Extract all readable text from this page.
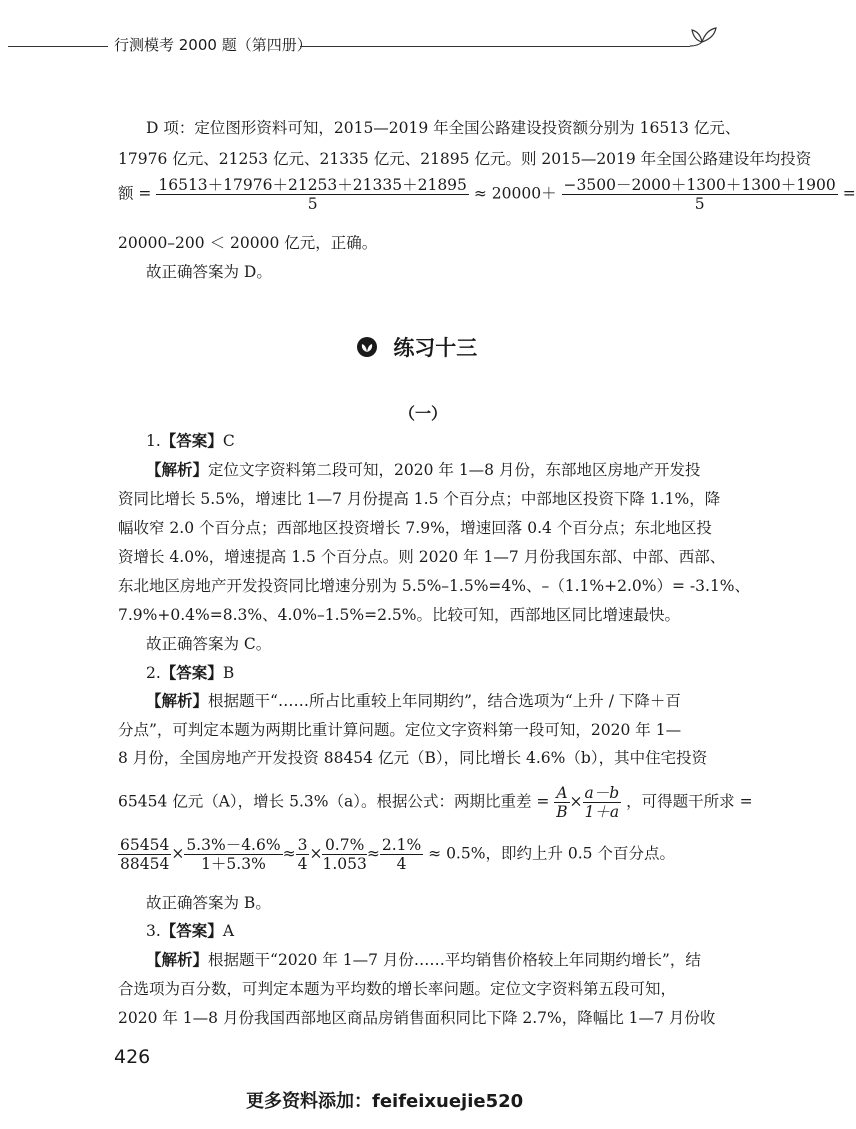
行测模考 2000 题（第四册）
D 项：定位图形资料可知，2015—2019 年全国公路建设投资额分别为 16513 亿元、
17976 亿元、21253 亿元、21335 亿元、21895 亿元。则 2015—2019 年全国公路建设年均投资
额 = $\frac{16513+17976+21253+21335+21895}{5} \approx 20000+ \frac{-3500-2000+1300+1300+1900}{5}$ =
20000–200 ＜ 20000 亿元，正确。
故正确答案为 D。
练习十三
（一）
1.【答案】C
【解析】定位文字资料第二段可知，2020 年 1—8 月份，东部地区房地产开发投
资同比增长 5.5%，增速比 1—7 月份提高 1.5 个百分点；中部地区投资下降 1.1%，降
幅收窄 2.0 个百分点；西部地区投资增长 7.9%，增速回落 0.4 个百分点；东北地区投
资增长 4.0%，增速提高 1.5 个百分点。则 2020 年 1—7 月份我国东部、中部、西部、
东北地区房地产开发投资同比增速分别为 5.5%–1.5%=4%、–（1.1%+2.0%）= -3.1%、
7.9%+0.4%=8.3%、4.0%–1.5%=2.5%。比较可知，西部地区同比增速最快。
故正确答案为 C。
2.【答案】B
【解析】根据题干“……所占比重较上年同期约”，结合选项为“上升 / 下降＋百
分点”，可判定本题为两期比重计算问题。定位文字资料第一段可知，2020 年 1—
8 月份，全国房地产开发投资 88454 亿元（B），同比增长 4.6%（b），其中住宅投资
65454 亿元（A），增长 5.3%（a）。根据公式：两期比重差 = $\frac{A}{B} \times \frac{a-b}{1+a}$ ，可得题干所求 =
$\frac{65454}{88454} \times \frac{5.3\%-4.6\%}{1+5.3\%} \approx \frac{3}{4} \times \frac{0.7\%}{1.053} \approx \frac{2.1\%}{4} \approx 0.5\%$，即约上升 0.5 个百分点。
故正确答案为 B。
3.【答案】A
【解析】根据题干“2020 年 1—7 月份……平均销售价格较上年同期约增长”，结
合选项为百分数，可判定本题为平均数的增长率问题。定位文字资料第五段可知，
2020 年 1—8 月份我国西部地区商品房销售面积同比下降 2.7%，降幅比 1—7 月份收
426
更多资料添加：feifeixuejie520
